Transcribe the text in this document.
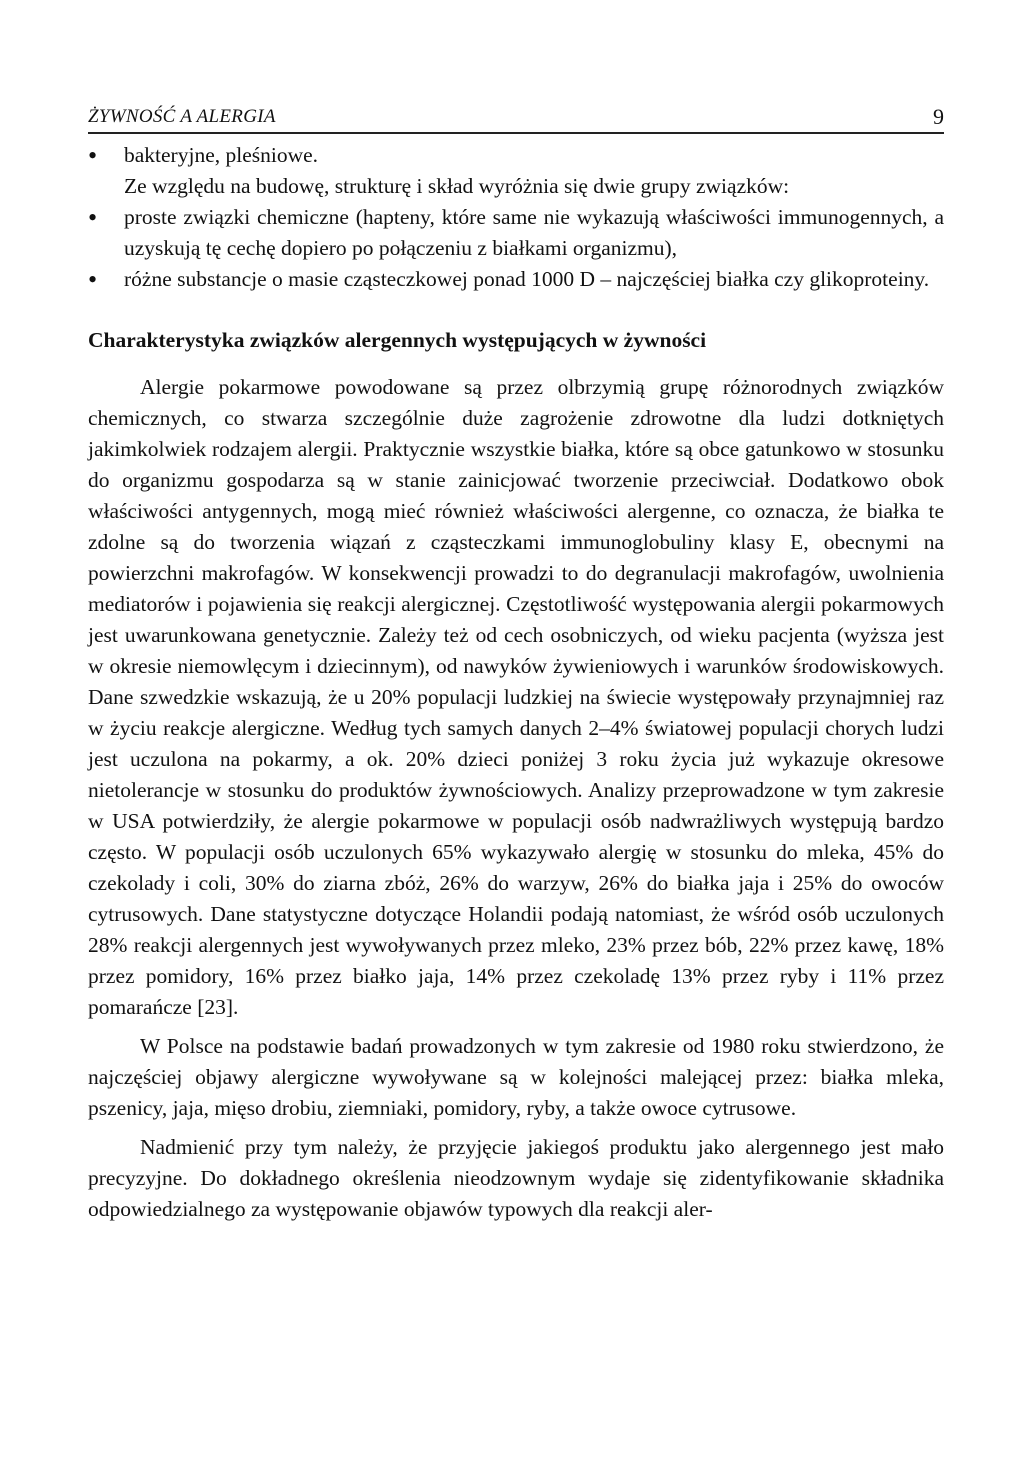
ŻYWNOŚĆ A ALERGIA	9
• bakteryjne, pleśniowe.

Ze względu na budowę, strukturę i skład wyróżnia się dwie grupy związków:

• proste związki chemiczne (hapteny, które same nie wykazują właściwości immunogennych, a uzyskują tę cechę dopiero po połączeniu z białkami organizmu),
• różne substancje o masie cząsteczkowej ponad 1000 D – najczęściej białka czy glikoproteiny.
Charakterystyka związków alergennych występujących w żywności

Alergie pokarmowe powodowane są przez olbrzymią grupę różnorodnych związków chemicznych, co stwarza szczególnie duże zagrożenie zdrowotne dla ludzi dotkniętych jakimkolwiek rodzajem alergii. Praktycznie wszystkie białka, które są obce gatunkowo w stosunku do organizmu gospodarza są w stanie zainicjować tworzenie przeciwciał. Dodatkowo obok właściwości antygennych, mogą mieć również właściwości alergenne, co oznacza, że białka te zdolne są do tworzenia wiązań z cząsteczkami immunoglobuliny klasy E, obecnymi na powierzchni makrofagów. W konsekwencji prowadzi to do degranulacji makrofagów, uwolnienia mediatorów i pojawienia się reakcji alergicznej. Częstotliwość występowania alergii pokarmowych jest uwarunkowana genetycznie. Zależy też od cech osobniczych, od wieku pacjenta (wyższa jest w okresie niemowlęcym i dziecinnym), od nawyków żywieniowych i warunków środowiskowych. Dane szwedzkie wskazują, że u 20% populacji ludzkiej na świecie występowały przynajmniej raz w życiu reakcje alergiczne. Według tych samych danych 2–4% światowej populacji chorych ludzi jest uczulona na pokarmy, a ok. 20% dzieci poniżej 3 roku życia już wykazuje okresowe nietolerancje w stosunku do produktów żywnościowych. Analizy przeprowadzone w tym zakresie w USA potwierdziły, że alergie pokarmowe w populacji osób nadwrażliwych występują bardzo często. W populacji osób uczulonych 65% wykazywało alergię w stosunku do mleka, 45% do czekolady i coli, 30% do ziarna zbóż, 26% do warzyw, 26% do białka jaja i 25% do owoców cytrusowych. Dane statystyczne dotyczące Holandii podają natomiast, że wśród osób uczulonych 28% reakcji alergennych jest wywoływanych przez mleko, 23% przez bób, 22% przez kawę, 18% przez pomidory, 16% przez białko jaja, 14% przez czekoladę 13% przez ryby i 11% przez pomarańcze [23].

W Polsce na podstawie badań prowadzonych w tym zakresie od 1980 roku stwierdzono, że najczęściej objawy alergiczne wywoływane są w kolejności malejącej przez: białka mleka, pszenicy, jaja, mięso drobiu, ziemniaki, pomidory, ryby, a także owoce cytrusowe.

Nadmienić przy tym należy, że przyjęcie jakiegoś produktu jako alergennego jest mało precyzyjne. Do dokładnego określenia nieodzownym wydaje się zidentyfikowanie składnika odpowiedzialnego za występowanie objawów typowych dla reakcji aler-
